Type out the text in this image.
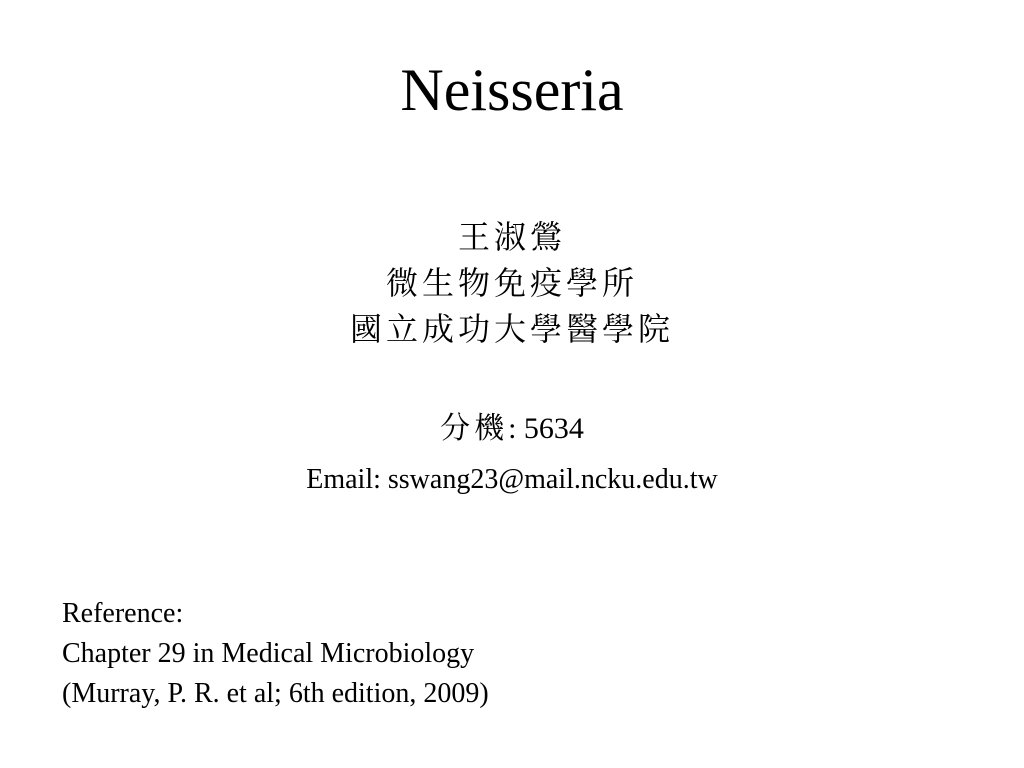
Neisseria
王淑鶯
微生物免疫學所
國立成功大學醫學院
分機: 5634
Email: sswang23@mail.ncku.edu.tw
Reference:
Chapter 29 in Medical Microbiology
(Murray, P. R. et al; 6th edition, 2009)
